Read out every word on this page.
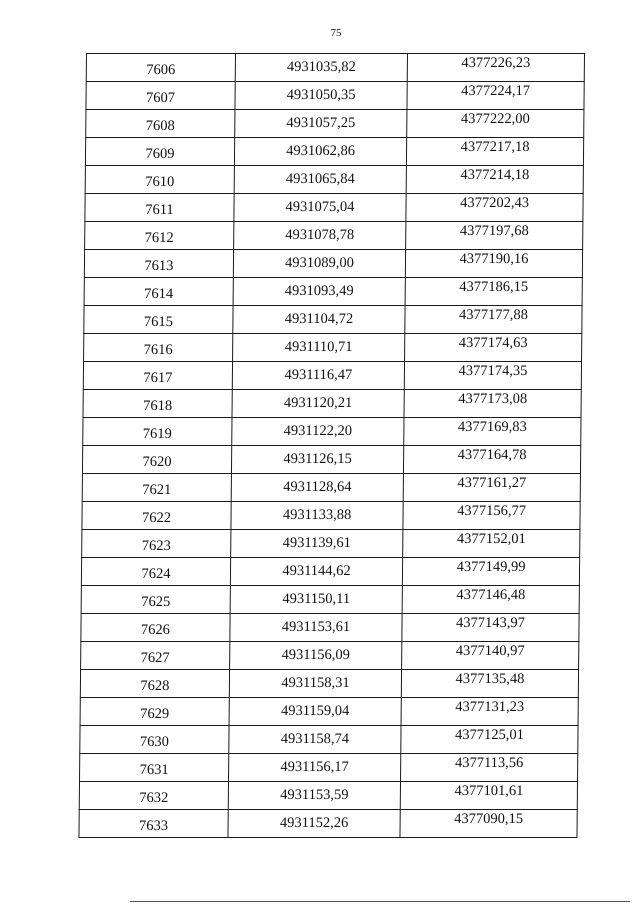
75
7606	4931035,82	4377226,23
7607	4931050,35	4377224,17
7608	4931057,25	4377222,00
7609	4931062,86	4377217,18
7610	4931065,84	4377214,18
7611	4931075,04	4377202,43
7612	4931078,78	4377197,68
7613	4931089,00	4377190,16
7614	4931093,49	4377186,15
7615	4931104,72	4377177,88
7616	4931110,71	4377174,63
7617	4931116,47	4377174,35
7618	4931120,21	4377173,08
7619	4931122,20	4377169,83
7620	4931126,15	4377164,78
7621	4931128,64	4377161,27
7622	4931133,88	4377156,77
7623	4931139,61	4377152,01
7624	4931144,62	4377149,99
7625	4931150,11	4377146,48
7626	4931153,61	4377143,97
7627	4931156,09	4377140,97
7628	4931158,31	4377135,48
7629	4931159,04	4377131,23
7630	4931158,74	4377125,01
7631	4931156,17	4377113,56
7632	4931153,59	4377101,61
7633	4931152,26	4377090,15
